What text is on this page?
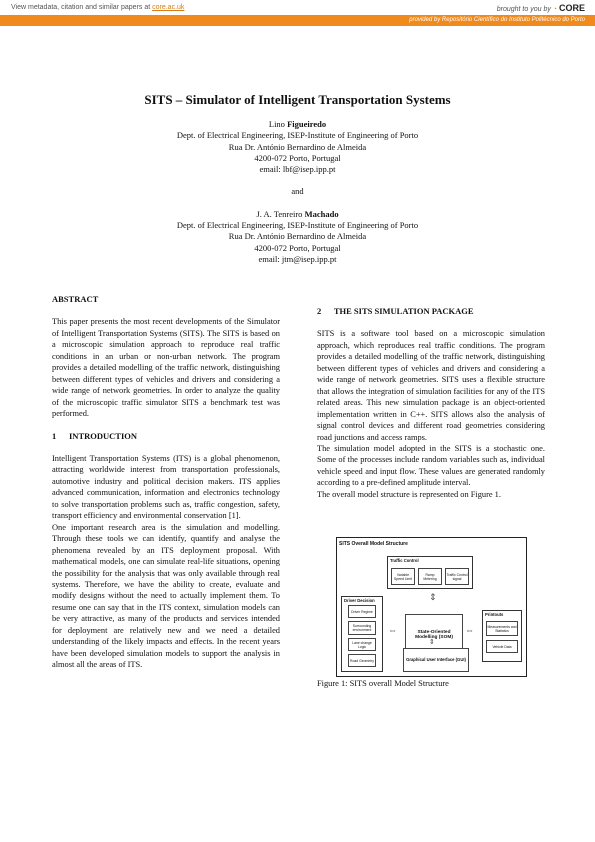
View metadata, citation and similar papers at core.ac.uk	brought to you by ◔ CORE
provided by Repositório Científico do Instituto Politécnico do Porto
SITS – Simulator of Intelligent Transportation Systems
Lino Figueiredo
Dept. of Electrical Engineering, ISEP-Institute of Engineering of Porto
Rua Dr. António Bernardino de Almeida
4200-072 Porto, Portugal
email: lbf@isep.ipp.pt
and
J. A. Tenreiro Machado
Dept. of Electrical Engineering, ISEP-Institute of Engineering of Porto
Rua Dr. António Bernardino de Almeida
4200-072 Porto, Portugal
email: jtm@isep.ipp.pt
ABSTRACT

This paper presents the most recent developments of the Simulator of Intelligent Transportation Systems (SITS). The SITS is based on a microscopic simulation approach to reproduce real traffic conditions in an urban or non-urban network. The program provides a detailed modelling of the traffic network, distinguishing between different types of vehicles and drivers and considering a wide range of network geometries. In order to analyze the quality of the microscopic traffic simulator SITS a benchmark test was performed.

1      INTRODUCTION

Intelligent Transportation Systems (ITS) is a global phenomenon, attracting worldwide interest from transportation professionals, automotive industry and political decision makers. ITS applies advanced communication, information and electronics technology to solve transportation problems such as, traffic congestion, safety, transport efficiency and environmental conservation [1].

One important research area is the simulation and modelling. Through these tools we can identify, quantify and analyse the phenomena revealed by an ITS deployment proposal. With mathematical models, one can simulate real-life situations, opening the possibility for the analysis that was only available through real systems. Therefore, we have the ability to create, evaluate and modify designs without the need to actually implement them. To resume one can say that in the ITS context, simulation models can be very attractive, as many of the products and services intended for deployment are relatively new and we need a detailed understanding of the likely impacts and effects. In the recent years have been developed simulation models to support the analysis in almost all the areas of ITS.

2      THE SITS SIMULATION PACKAGE

SITS is a software tool based on a microscopic simulation approach, which reproduces real traffic conditions. The program provides a detailed modelling of the traffic network, distinguishing between different types of vehicles and drivers and considering a wide range of network geometries. SITS uses a flexible structure that allows the integration of simulation facilities for any of the ITS related areas. This new simulation package is an object-oriented implementation written in C++. SITS allows also the analysis of signal control devices and different road geometries considering road junctions and access ramps.

The simulation model adopted in the SITS is a stochastic one. Some of the processes include random variables such as, individual vehicle speed and input flow. These values are generated randomly according to a pre-defined amplitude interval.

The overall model structure is represented on Figure 1.

SITS Overall Model Structure
Traffic Control
Variable Speed Limit
Ramp Metering
Traffic Control signal
Driver Decision
Driver Regime
Surrounding environment
Lane change Logic
Road Geometry
State-Oriented Modelling (SOM)
Printouts
Measurements and Statistics
Vehicle Data
Graphical User Interface (GUI)
⇕
⇔	⇔
⇕
Figure 1: SITS overall Model Structure
